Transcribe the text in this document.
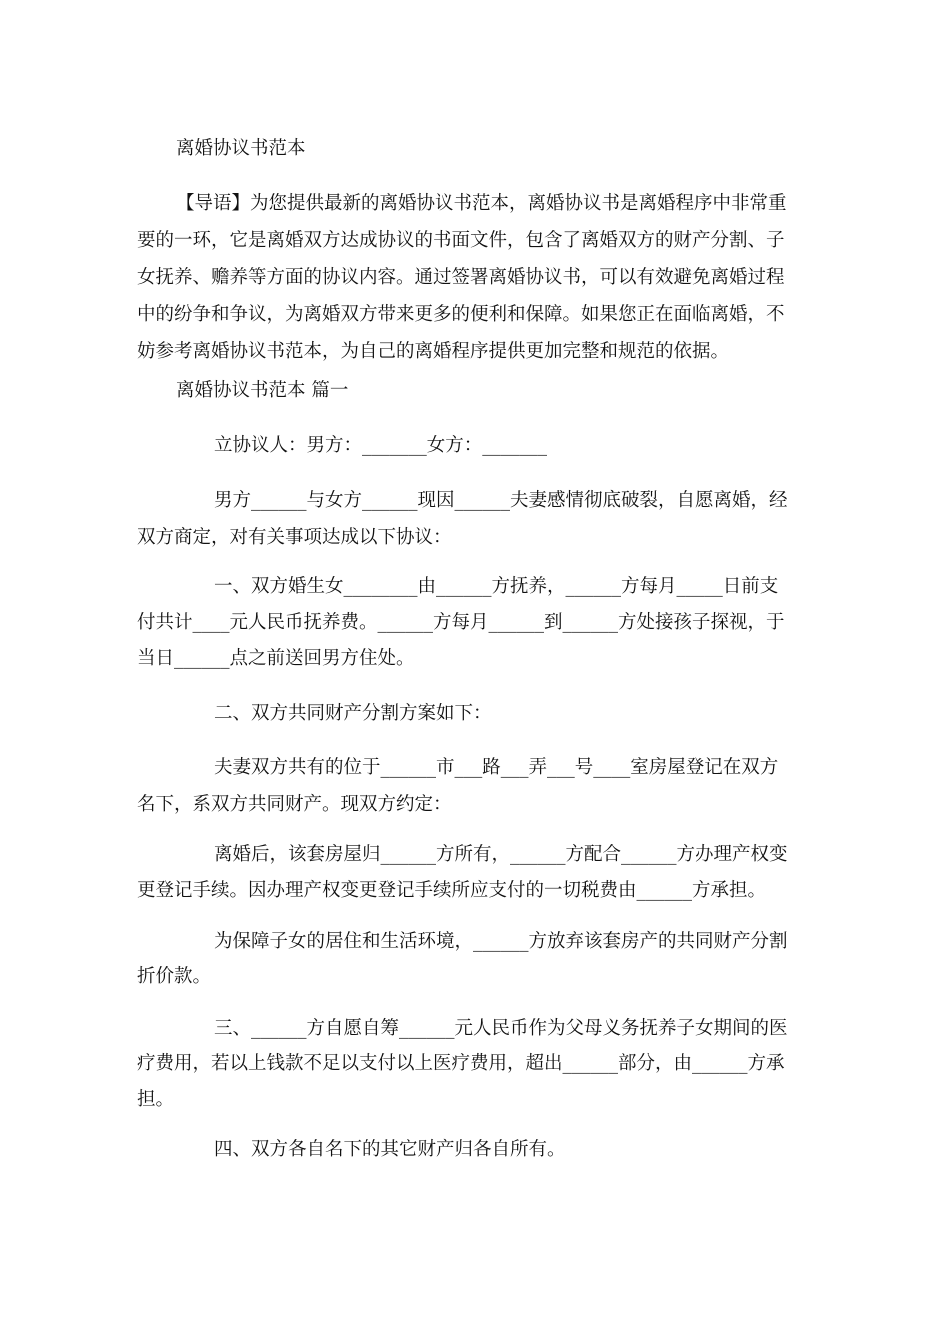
离婚协议书范本
【导语】为您提供最新的离婚协议书范本，离婚协议书是离婚程序中非常重
要的一环，它是离婚双方达成协议的书面文件，包含了离婚双方的财产分割、子
女抚养、赡养等方面的协议内容。通过签署离婚协议书，可以有效避免离婚过程
中的纷争和争议，为离婚双方带来更多的便利和保障。如果您正在面临离婚，不
妨参考离婚协议书范本，为自己的离婚程序提供更加完整和规范的依据。
离婚协议书范本 篇一
立协议人：男方：_______女方：_______
男方______与女方______现因______夫妻感情彻底破裂，自愿离婚，经
双方商定，对有关事项达成以下协议：
一、双方婚生女________由______方抚养，______方每月_____日前支
付共计____元人民币抚养费。______方每月______到______方处接孩子探视，于
当日______点之前送回男方住处。
二、双方共同财产分割方案如下：
夫妻双方共有的位于______市___路___弄___号____室房屋登记在双方
名下，系双方共同财产。现双方约定：
离婚后，该套房屋归______方所有，______方配合______方办理产权变
更登记手续。因办理产权变更登记手续所应支付的一切税费由______方承担。
为保障子女的居住和生活环境，______方放弃该套房产的共同财产分割
折价款。
三、______方自愿自筹______元人民币作为父母义务抚养子女期间的医
疗费用，若以上钱款不足以支付以上医疗费用，超出______部分，由______方承
担。
四、双方各自名下的其它财产归各自所有。
